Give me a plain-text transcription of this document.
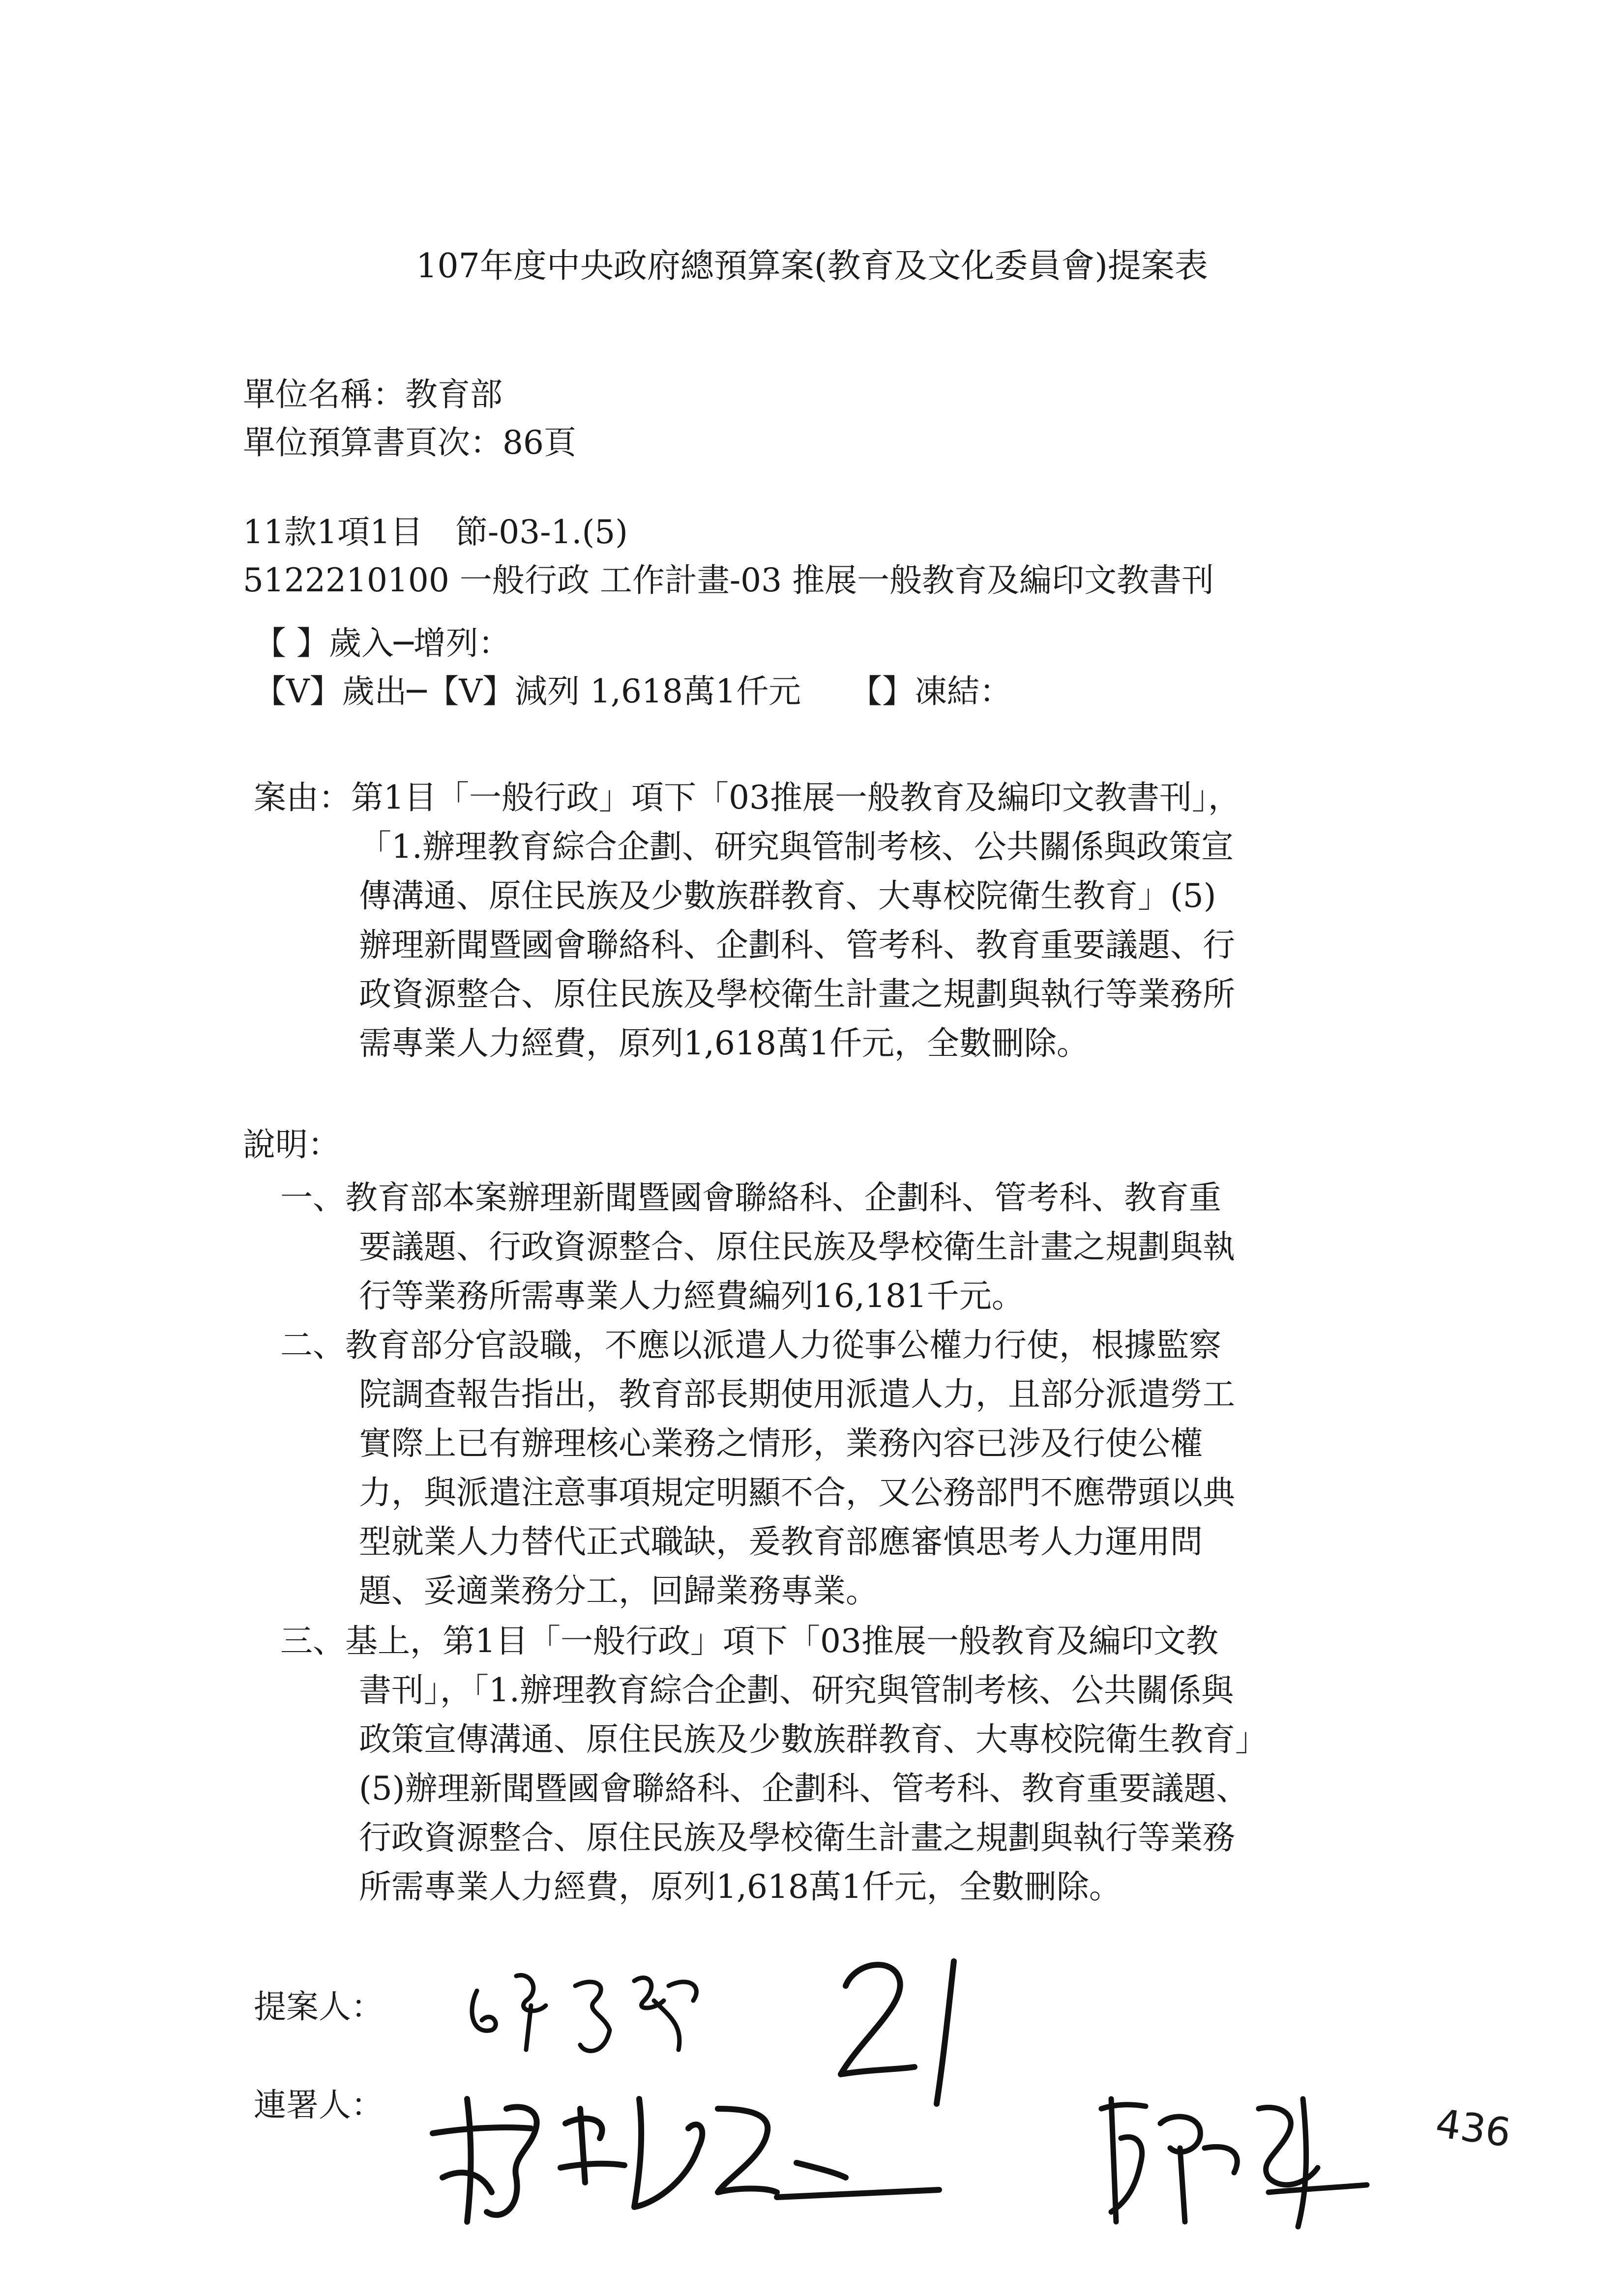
107年度中央政府總預算案(教育及文化委員會)提案表
單位名稱：教育部
單位預算書頁次：86頁
11款1項1目　節-03-1.(5)
5122210100 一般行政 工作計畫-03 推展一般教育及編印文教書刊
【 】歲入─增列：
【V】歲出─【V】減列 1,618萬1仟元　　【】凍結：
案由：第1目「一般行政」項下「03推展一般教育及編印文教書刊」，
「1.辦理教育綜合企劃、研究與管制考核、公共關係與政策宣
傳溝通、原住民族及少數族群教育、大專校院衛生教育」(5)
辦理新聞暨國會聯絡科、企劃科、管考科、教育重要議題、行
政資源整合、原住民族及學校衛生計畫之規劃與執行等業務所
需專業人力經費，原列1,618萬1仟元，全數刪除。
說明：
一、教育部本案辦理新聞暨國會聯絡科、企劃科、管考科、教育重
要議題、行政資源整合、原住民族及學校衛生計畫之規劃與執
行等業務所需專業人力經費編列16,181千元。
二、教育部分官設職，不應以派遣人力從事公權力行使，根據監察
院調查報告指出，教育部長期使用派遣人力，且部分派遣勞工
實際上已有辦理核心業務之情形，業務內容已涉及行使公權
力，與派遣注意事項規定明顯不合，又公務部門不應帶頭以典
型就業人力替代正式職缺，爰教育部應審慎思考人力運用問
題、妥適業務分工，回歸業務專業。
三、基上，第1目「一般行政」項下「03推展一般教育及編印文教
書刊」，「1.辦理教育綜合企劃、研究與管制考核、公共關係與
政策宣傳溝通、原住民族及少數族群教育、大專校院衛生教育」
(5)辦理新聞暨國會聯絡科、企劃科、管考科、教育重要議題、
行政資源整合、原住民族及學校衛生計畫之規劃與執行等業務
所需專業人力經費，原列1,618萬1仟元，全數刪除。
提案人：
連署人：	436
